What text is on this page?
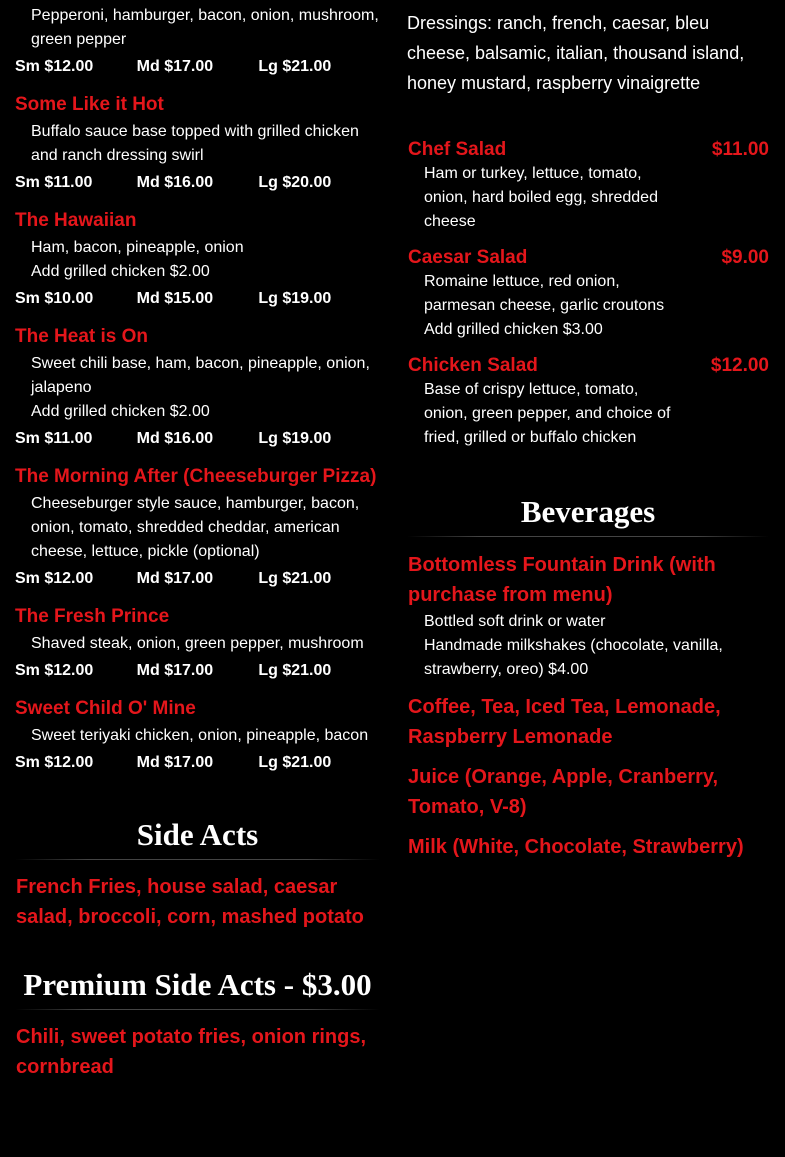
Pepperoni, hamburger, bacon, onion, mushroom, green pepper
Sm $12.00	Md $17.00	Lg $21.00
Some Like it Hot
Buffalo sauce base topped with grilled chicken and ranch dressing swirl
Sm $11.00	Md $16.00	Lg $20.00
The Hawaiian
Ham, bacon, pineapple, onion
Add grilled chicken $2.00
Sm $10.00	Md $15.00	Lg $19.00
The Heat is On
Sweet chili base, ham, bacon, pineapple, onion, jalapeno
Add grilled chicken $2.00
Sm $11.00	Md $16.00	Lg $19.00
The Morning After (Cheeseburger Pizza)
Cheeseburger style sauce, hamburger, bacon, onion, tomato, shredded cheddar, american cheese, lettuce, pickle (optional)
Sm $12.00	Md $17.00	Lg $21.00
The Fresh Prince
Shaved steak, onion, green pepper, mushroom
Sm $12.00	Md $17.00	Lg $21.00
Sweet Child O' Mine
Sweet teriyaki chicken, onion, pineapple, bacon
Sm $12.00	Md $17.00	Lg $21.00
Side Acts
French Fries, house salad, caesar salad, broccoli, corn, mashed potato
Premium Side Acts - $3.00
Chili, sweet potato fries, onion rings, cornbread
Dressings: ranch, french, caesar, bleu cheese, balsamic, italian, thousand island, honey mustard, raspberry vinaigrette
Chef Salad	$11.00
Ham or turkey, lettuce, tomato, onion, hard boiled egg, shredded cheese
Caesar Salad	$9.00
Romaine lettuce, red onion, parmesan cheese, garlic croutons
Add grilled chicken $3.00
Chicken Salad	$12.00
Base of crispy lettuce, tomato, onion, green pepper, and choice of fried, grilled or buffalo chicken
Beverages
Bottomless Fountain Drink (with purchase from menu)
Bottled soft drink or water
Handmade milkshakes (chocolate, vanilla, strawberry, oreo) $4.00
Coffee, Tea, Iced Tea, Lemonade, Raspberry Lemonade
Juice (Orange, Apple, Cranberry, Tomato, V-8)
Milk (White, Chocolate, Strawberry)
